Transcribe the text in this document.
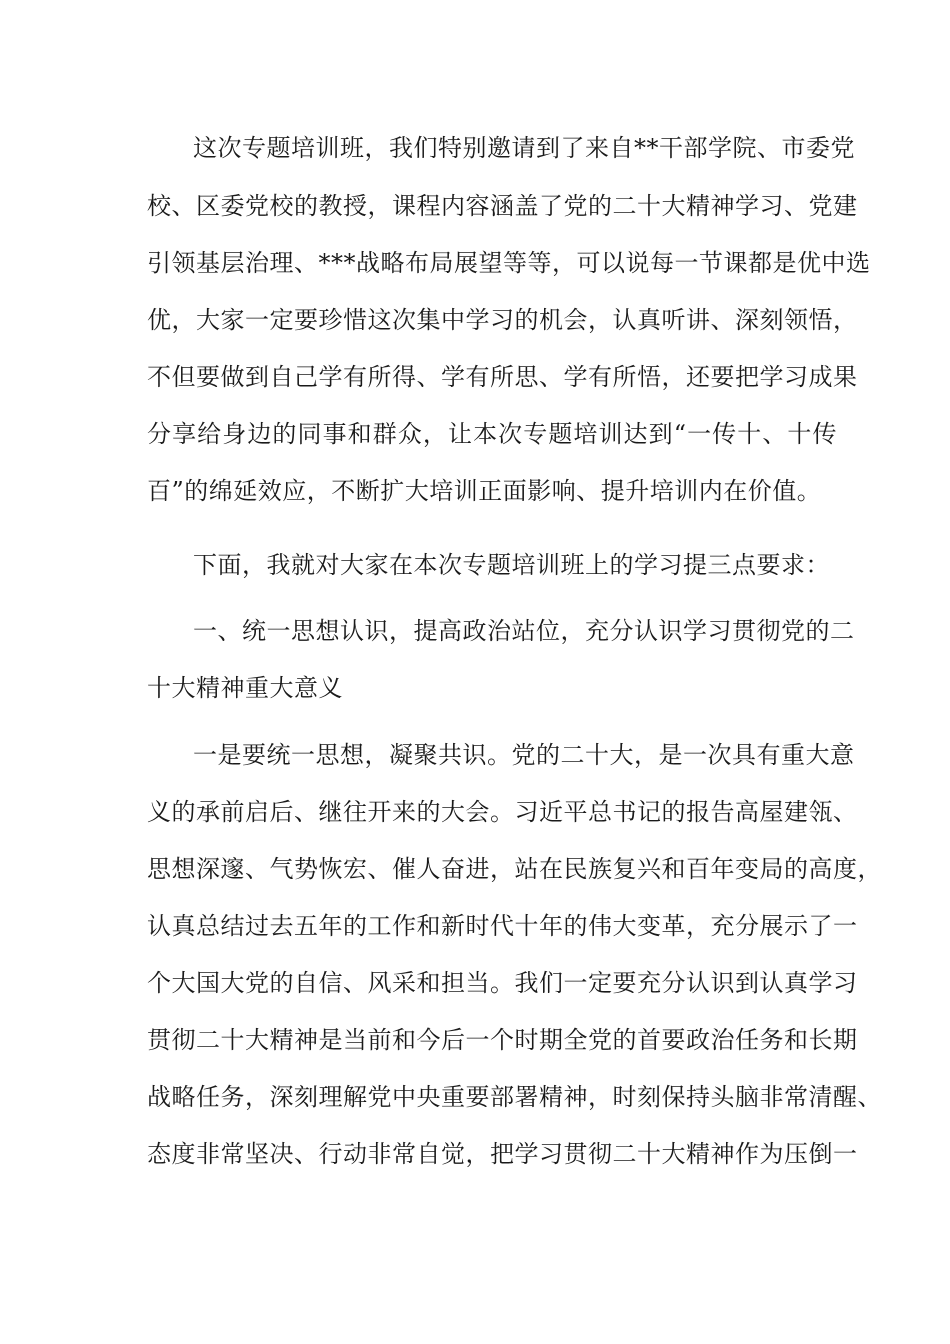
这次专题培训班，我们特别邀请到了来自**干部学院、市委党
校、区委党校的教授，课程内容涵盖了党的二十大精神学习、党建
引领基层治理、***战略布局展望等等，可以说每一节课都是优中选
优，大家一定要珍惜这次集中学习的机会，认真听讲、深刻领悟，
不但要做到自己学有所得、学有所思、学有所悟，还要把学习成果
分享给身边的同事和群众，让本次专题培训达到“一传十、十传
百”的绵延效应，不断扩大培训正面影响、提升培训内在价值。
下面，我就对大家在本次专题培训班上的学习提三点要求：
一、统一思想认识，提高政治站位，充分认识学习贯彻党的二
十大精神重大意义
一是要统一思想，凝聚共识。党的二十大，是一次具有重大意
义的承前启后、继往开来的大会。习近平总书记的报告高屋建瓴、
思想深邃、气势恢宏、催人奋进，站在民族复兴和百年变局的高度，
认真总结过去五年的工作和新时代十年的伟大变革，充分展示了一
个大国大党的自信、风采和担当。我们一定要充分认识到认真学习
贯彻二十大精神是当前和今后一个时期全党的首要政治任务和长期
战略任务，深刻理解党中央重要部署精神，时刻保持头脑非常清醒、
态度非常坚决、行动非常自觉，把学习贯彻二十大精神作为压倒一
